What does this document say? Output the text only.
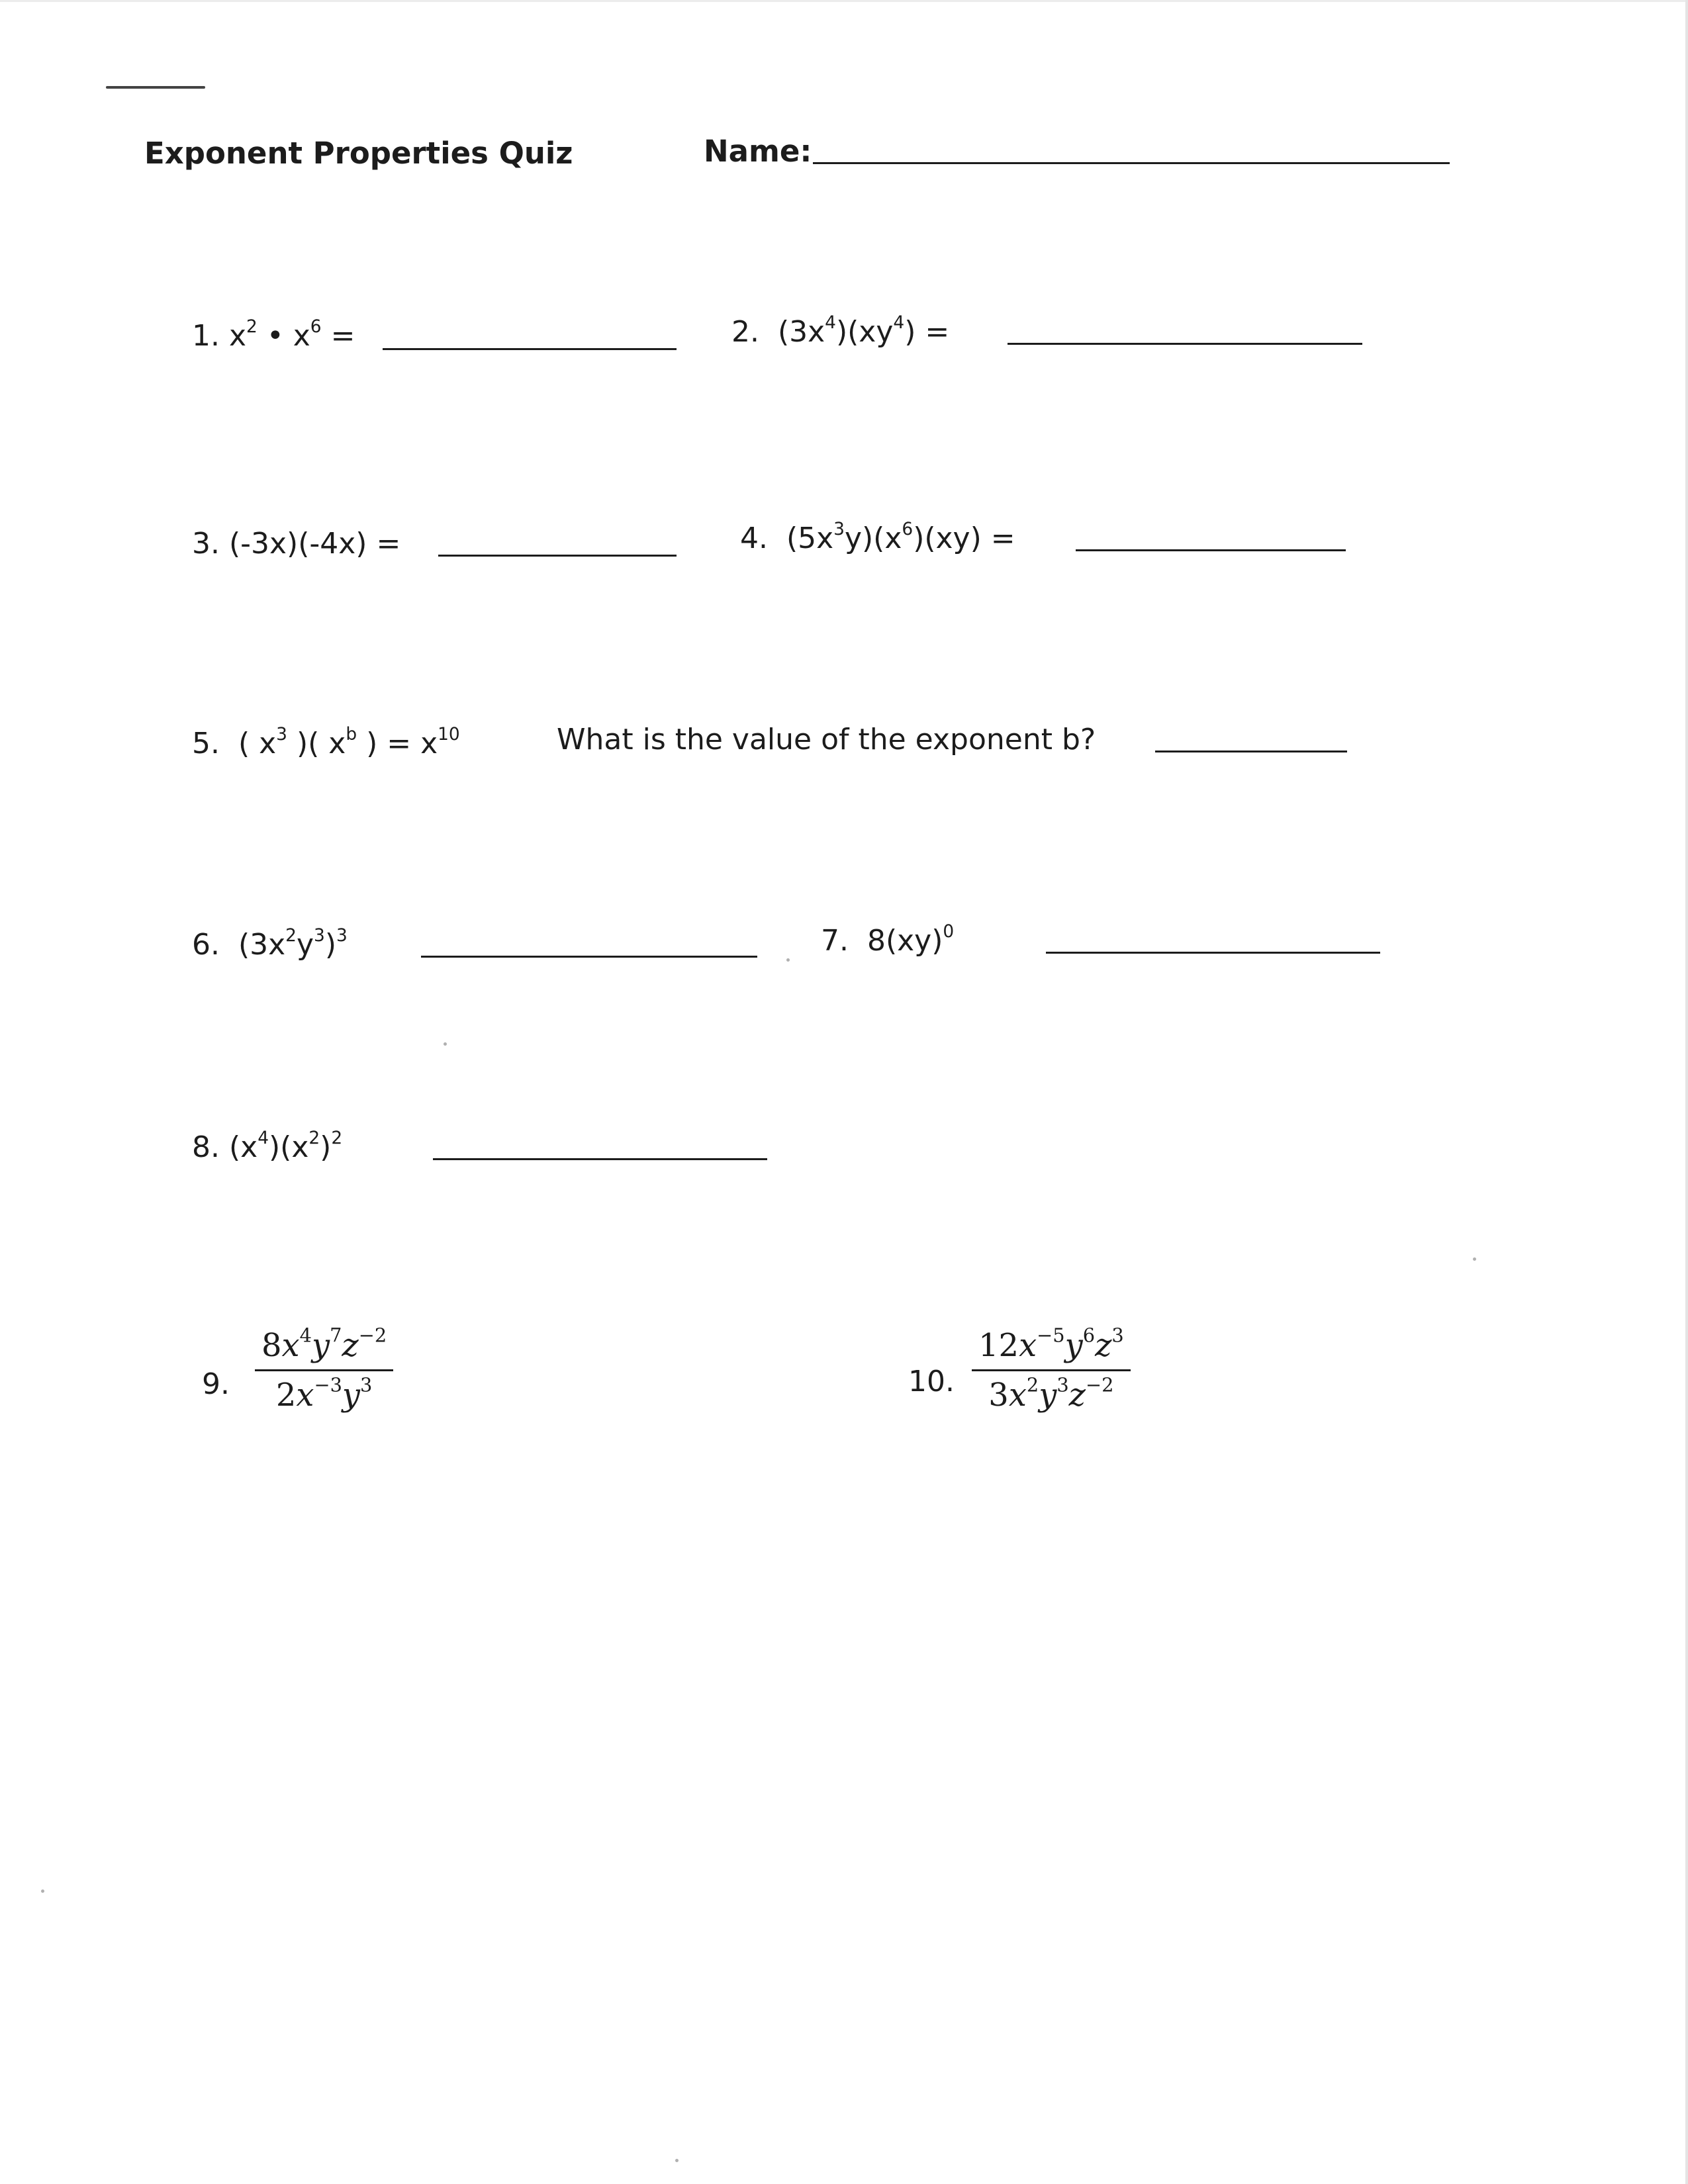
Exponent Properties Quiz	Name:
1. $x^2$ • $x^6$ =	2. $(3x^4)(xy^4)$ =
3. (-3x)(-4x) =	4. $(5x^3y)(x^6)(xy)$ =
5. ( $x^3$ )( $x^b$ ) = $x^{10}$	What is the value of the exponent b?
6. $(3x^2y^3)^3$	7. 8(xy)$^0$
8. $(x^4)(x^2)^2$
9.
$8x^4y^7z^{-2}$
$2x^{-3}y^3$	10.
$12x^{-5}y^6z^3$
$3x^2y^3z^{-2}$
